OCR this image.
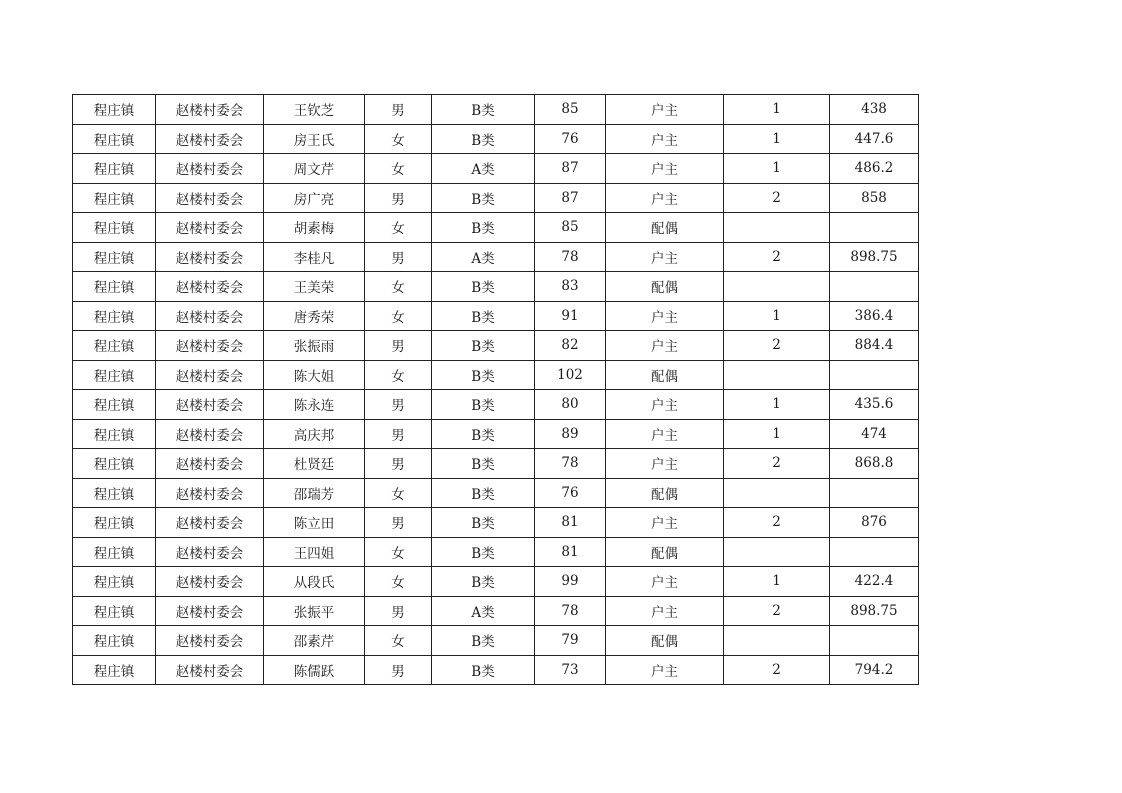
程庄镇	赵楼村委会	王钦芝	男	B类	85	户主	1	438
程庄镇	赵楼村委会	房王氏	女	B类	76	户主	1	447.6
程庄镇	赵楼村委会	周文芹	女	A类	87	户主	1	486.2
程庄镇	赵楼村委会	房广亮	男	B类	87	户主	2	858
程庄镇	赵楼村委会	胡素梅	女	B类	85	配偶		
程庄镇	赵楼村委会	李桂凡	男	A类	78	户主	2	898.75
程庄镇	赵楼村委会	王美荣	女	B类	83	配偶		
程庄镇	赵楼村委会	唐秀荣	女	B类	91	户主	1	386.4
程庄镇	赵楼村委会	张振雨	男	B类	82	户主	2	884.4
程庄镇	赵楼村委会	陈大姐	女	B类	102	配偶		
程庄镇	赵楼村委会	陈永连	男	B类	80	户主	1	435.6
程庄镇	赵楼村委会	高庆邦	男	B类	89	户主	1	474
程庄镇	赵楼村委会	杜贤廷	男	B类	78	户主	2	868.8
程庄镇	赵楼村委会	邵瑞芳	女	B类	76	配偶		
程庄镇	赵楼村委会	陈立田	男	B类	81	户主	2	876
程庄镇	赵楼村委会	王四姐	女	B类	81	配偶		
程庄镇	赵楼村委会	从段氏	女	B类	99	户主	1	422.4
程庄镇	赵楼村委会	张振平	男	A类	78	户主	2	898.75
程庄镇	赵楼村委会	邵素芹	女	B类	79	配偶		
程庄镇	赵楼村委会	陈儒跃	男	B类	73	户主	2	794.2
